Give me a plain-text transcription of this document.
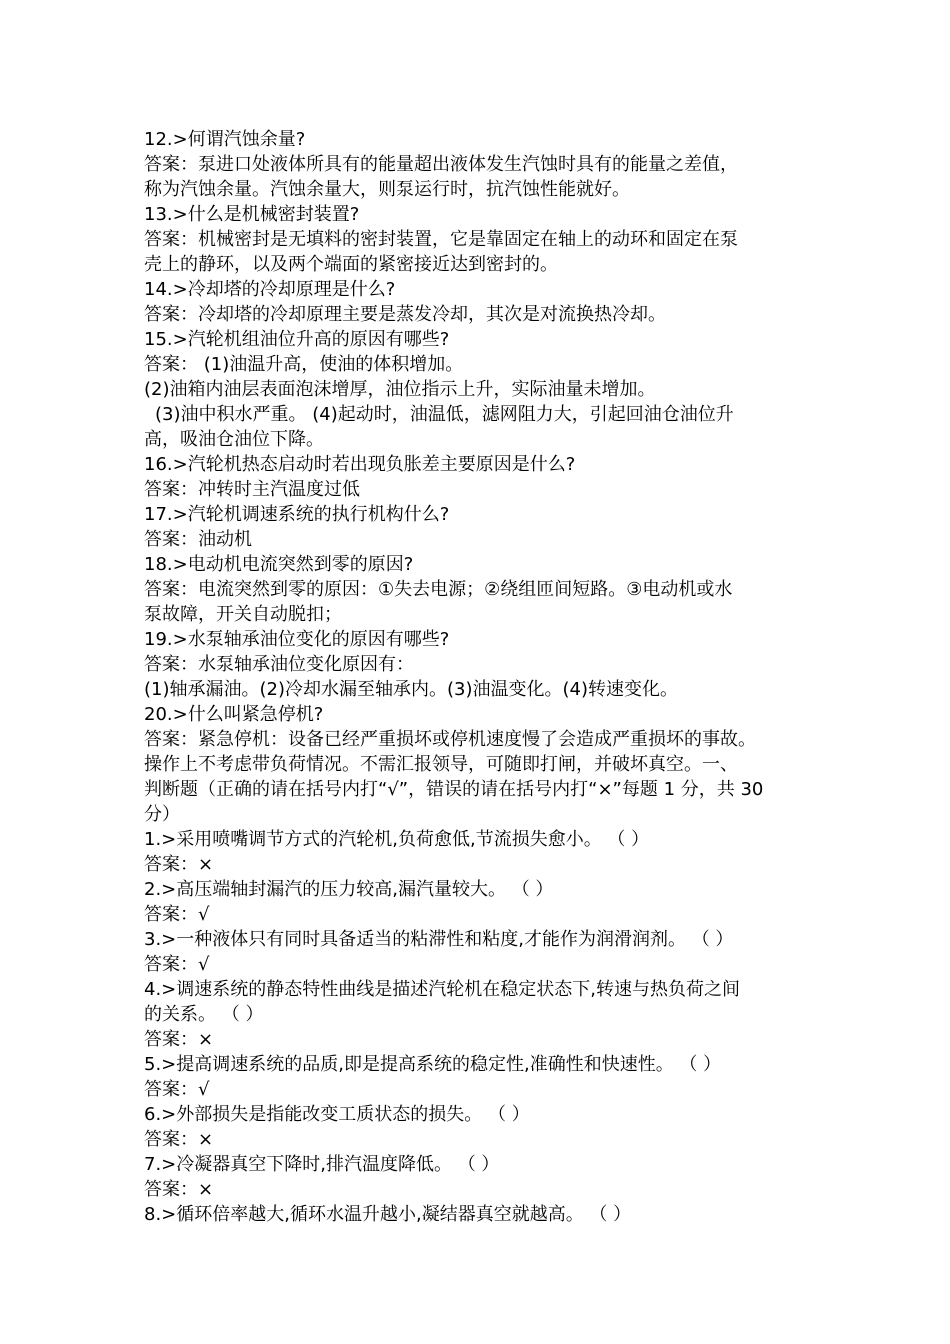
12.>何谓汽蚀余量?
答案：泵进口处液体所具有的能量超出液体发生汽蚀时具有的能量之差值，
称为汽蚀余量。汽蚀余量大，则泵运行时，抗汽蚀性能就好。
13.>什么是机械密封装置?
答案：机械密封是无填料的密封装置，它是靠固定在轴上的动环和固定在泵
壳上的静环，以及两个端面的紧密接近达到密封的。
14.>冷却塔的冷却原理是什么?
答案：冷却塔的冷却原理主要是蒸发冷却，其次是对流换热冷却。
15.>汽轮机组油位升高的原因有哪些?
答案： (1)油温升高，使油的体积增加。
(2)油箱内油层表面泡沫增厚，油位指示上升，实际油量未增加。
(3)油中积水严重。 (4)起动时，油温低，滤网阻力大，引起回油仓油位升
高，吸油仓油位下降。
16.>汽轮机热态启动时若出现负胀差主要原因是什么?
答案：冲转时主汽温度过低
17.>汽轮机调速系统的执行机构什么?
答案：油动机
18.>电动机电流突然到零的原因?
答案：电流突然到零的原因：①失去电源；②绕组匝间短路。③电动机或水
泵故障，开关自动脱扣；
19.>水泵轴承油位变化的原因有哪些?
答案：水泵轴承油位变化原因有：
(1)轴承漏油。(2)冷却水漏至轴承内。(3)油温变化。(4)转速变化。
20.>什么叫紧急停机?
答案：紧急停机：设备已经严重损坏或停机速度慢了会造成严重损坏的事故。
操作上不考虑带负荷情况。不需汇报领导，可随即打闸，并破坏真空。一、
判断题（正确的请在括号内打“√”，错误的请在括号内打“×”每题 1 分，共 30
分）
1.>采用喷嘴调节方式的汽轮机,负荷愈低,节流损失愈小。 （ ）
答案：×
2.>高压端轴封漏汽的压力较高,漏汽量较大。 （ ）
答案：√
3.>一种液体只有同时具备适当的粘滞性和粘度,才能作为润滑润剂。 （ ）
答案：√
4.>调速系统的静态特性曲线是描述汽轮机在稳定状态下,转速与热负荷之间
的关系。 （ ）
答案：×
5.>提高调速系统的品质,即是提高系统的稳定性,准确性和快速性。 （ ）
答案：√
6.>外部损失是指能改变工质状态的损失。 （ ）
答案：×
7.>冷凝器真空下降时,排汽温度降低。 （ ）
答案：×
8.>循环倍率越大,循环水温升越小,凝结器真空就越高。 （ ）
